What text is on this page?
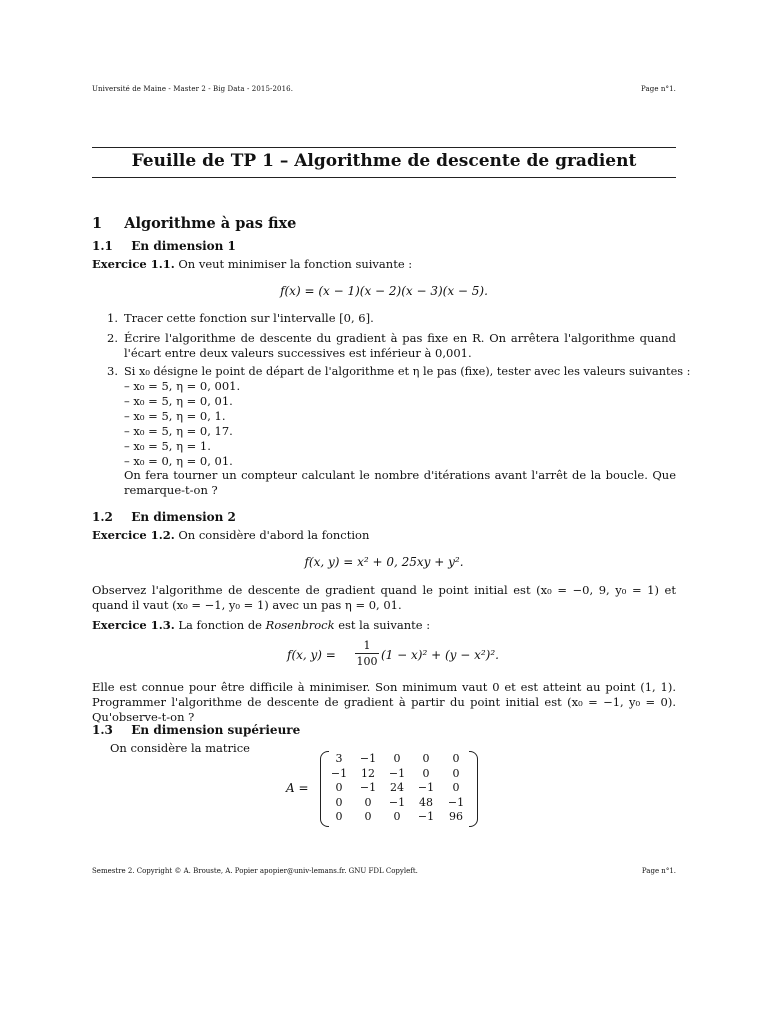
Université de Maine - Master 2 - Big Data - 2015-2016.	Page n°1.
Feuille de TP 1 – Algorithme de descente de gradient
1 Algorithme à pas fixe
1.1 En dimension 1
Exercice 1.1. On veut minimiser la fonction suivante :
f(x) = (x − 1)(x − 2)(x − 3)(x − 5).
1. Tracer cette fonction sur l'intervalle [0, 6].
2. Écrire l'algorithme de descente du gradient à pas fixe en R. On arrêtera l'algorithme quand l'écart entre deux valeurs successives est inférieur à 0,001.
3. Si x₀ désigne le point de départ de l'algorithme et η le pas (fixe), tester avec les valeurs suivantes :
– x₀ = 5, η = 0, 001.
– x₀ = 5, η = 0, 01.
– x₀ = 5, η = 0, 1.
– x₀ = 5, η = 0, 17.
– x₀ = 5, η = 1.
– x₀ = 0, η = 0, 01.
On fera tourner un compteur calculant le nombre d'itérations avant l'arrêt de la boucle. Que remarque-t-on ?
1.2 En dimension 2
Exercice 1.2. On considère d'abord la fonction
f(x, y) = x² + 0, 25xy + y².
Observez l'algorithme de descente de gradient quand le point initial est (x₀ = −0, 9, y₀ = 1) et quand il vaut (x₀ = −1, y₀ = 1) avec un pas η = 0, 01.
Exercice 1.3. La fonction de Rosenbrock est la suivante :
f(x, y) =
1
100 (1 − x)² + (y − x²)².
Elle est connue pour être difficile à minimiser. Son minimum vaut 0 et est atteint au point (1, 1). Programmer l'algorithme de descente de gradient à partir du point initial est (x₀ = −1, y₀ = 0). Qu'observe-t-on ?
1.3 En dimension supérieure
On considère la matrice
A =
3	−1	0	0	0
−1	12	−1	0	0
0	−1	24	−1	0
0	0	−1	48	−1
0	0	0	−1	96
Semestre 2. Copyright © A. Brouste, A. Popier apopier@univ-lemans.fr. GNU FDL Copyleft.	Page n°1.
